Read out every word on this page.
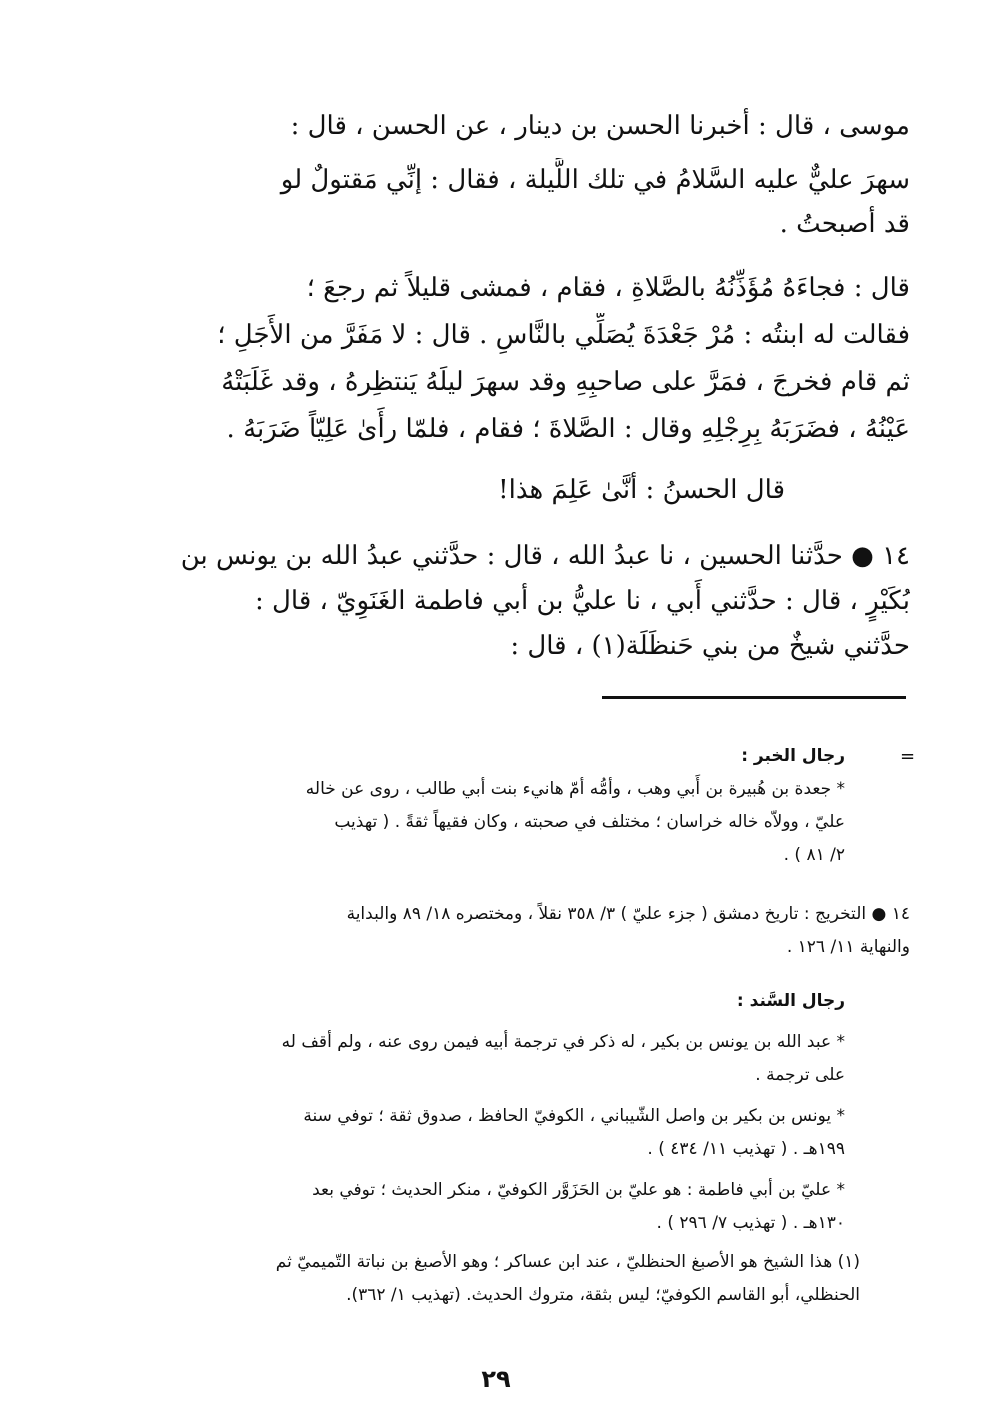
موسى ، قال : أخبرنا الحسن بن دينار ، عن الحسن ، قال :
سهرَ عليٌّ عليه السَّلامُ في تلك اللَّيلة ، فقال : إنِّي مَقتولٌ لو
قد أصبحتُ .
قال : فجاءَهُ مُؤَذِّنُهُ بالصَّلاةِ ، فقام ، فمشى قليلاً ثم رجعَ ؛
فقالت له ابنتُه : مُرْ جَعْدَةَ يُصَلِّي بالنَّاسِ . قال : لا مَفَرَّ من الأَجَلِ ؛
ثم قام فخرجَ ، فمَرَّ على صاحبِهِ وقد سهرَ ليلَهُ يَنتظِرهُ ، وقد غَلَبَتْهُ
عَيْنُهُ ، فضَرَبَهُ بِرِجْلِهِ وقال : الصَّلاةَ ؛ فقام ، فلمّا رأَىٰ عَلِيّاً ضَرَبَهُ .
قال الحسنُ : أنَّىٰ عَلِمَ هذا!
١٤ ● حدَّثنا الحسين ، نا عبدُ الله ، قال : حدَّثني عبدُ الله بن يونس بن
بُكَيْرٍ ، قال : حدَّثني أَبي ، نا عليُّ بن أبي فاطمة الغَنَوِيّ ، قال :
حدَّثني شيخٌ من بني حَنظَلَة(١) ، قال :
=
رجال الخبر :
* جعدة بن هُبيرة بن أَبي وهب ، وأمُّه أمّ هانيء بنت أبي طالب ، روى عن خاله
عليّ ، وولاّه خاله خراسان ؛ مختلف في صحبته ، وكان فقيهاً ثقةً . ( تهذيب
٢/ ٨١ ) .
١٤ ● التخريج : تاريخ دمشق ( جزء عليّ ) ٣/ ٣٥٨ نقلاً ، ومختصره ١٨/ ٨٩ والبداية
والنهاية ١١/ ١٢٦ .
رجال السَّند :
* عبد الله بن يونس بن بكير ، له ذكر في ترجمة أبيه فيمن روى عنه ، ولم أقف له
على ترجمة .
* يونس بن بكير بن واصل الشّيباني ، الكوفيّ الحافظ ، صدوق ثقة ؛ توفي سنة
١٩٩هـ . ( تهذيب ١١/ ٤٣٤ ) .
* عليّ بن أبي فاطمة : هو عليّ بن الحَزَوَّر الكوفيّ ، منكر الحديث ؛ توفي بعد
١٣٠هـ . ( تهذيب ٧/ ٢٩٦ ) .
(١) هذا الشيخ هو الأصبغ الحنظليّ ، عند ابن عساكر ؛ وهو الأصبغ بن نباتة التّميميّ ثم
الحنظلي، أبو القاسم الكوفيّ؛ ليس بثقة، متروك الحديث. (تهذيب ١/ ٣٦٢).
٢٩
